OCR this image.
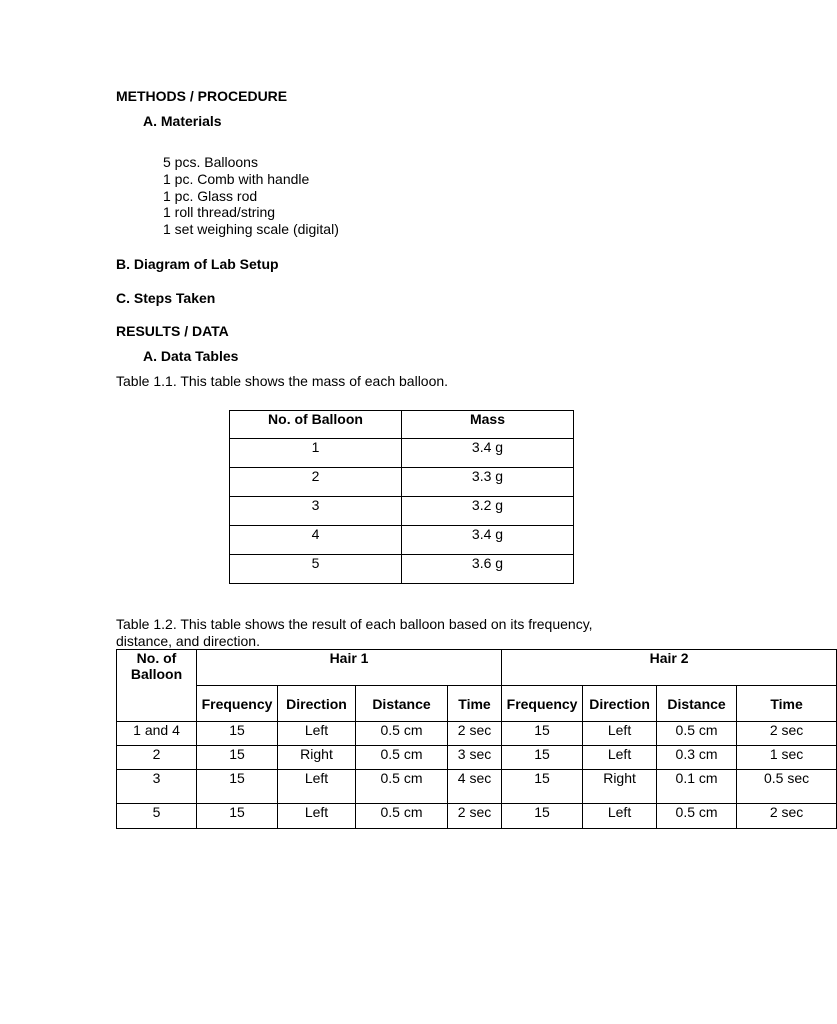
METHODS / PROCEDURE
A. Materials
5 pcs. Balloons
1 pc. Comb with handle
1 pc. Glass rod
1 roll thread/string
1 set weighing scale (digital)
B. Diagram of Lab Setup
C. Steps Taken
RESULTS / DATA
A. Data Tables
Table 1.1. This table shows the mass of each balloon.
No. of Balloon	Mass
1	3.4 g
2	3.3 g
3	3.2 g
4	3.4 g
5	3.6 g
Table 1.2. This table shows the result of each balloon based on its frequency,
distance, and direction.
No. of Balloon	Hair 1				Hair 2			
	Frequency	Direction	Distance	Time	Frequency	Direction	Distance	Time
1 and 4	15	Left	0.5 cm	2 sec	15	Left	0.5 cm	2 sec
2	15	Right	0.5 cm	3 sec	15	Left	0.3 cm	1 sec
3	15	Left	0.5 cm	4 sec	15	Right	0.1 cm	0.5 sec
5	15	Left	0.5 cm	2 sec	15	Left	0.5 cm	2 sec
